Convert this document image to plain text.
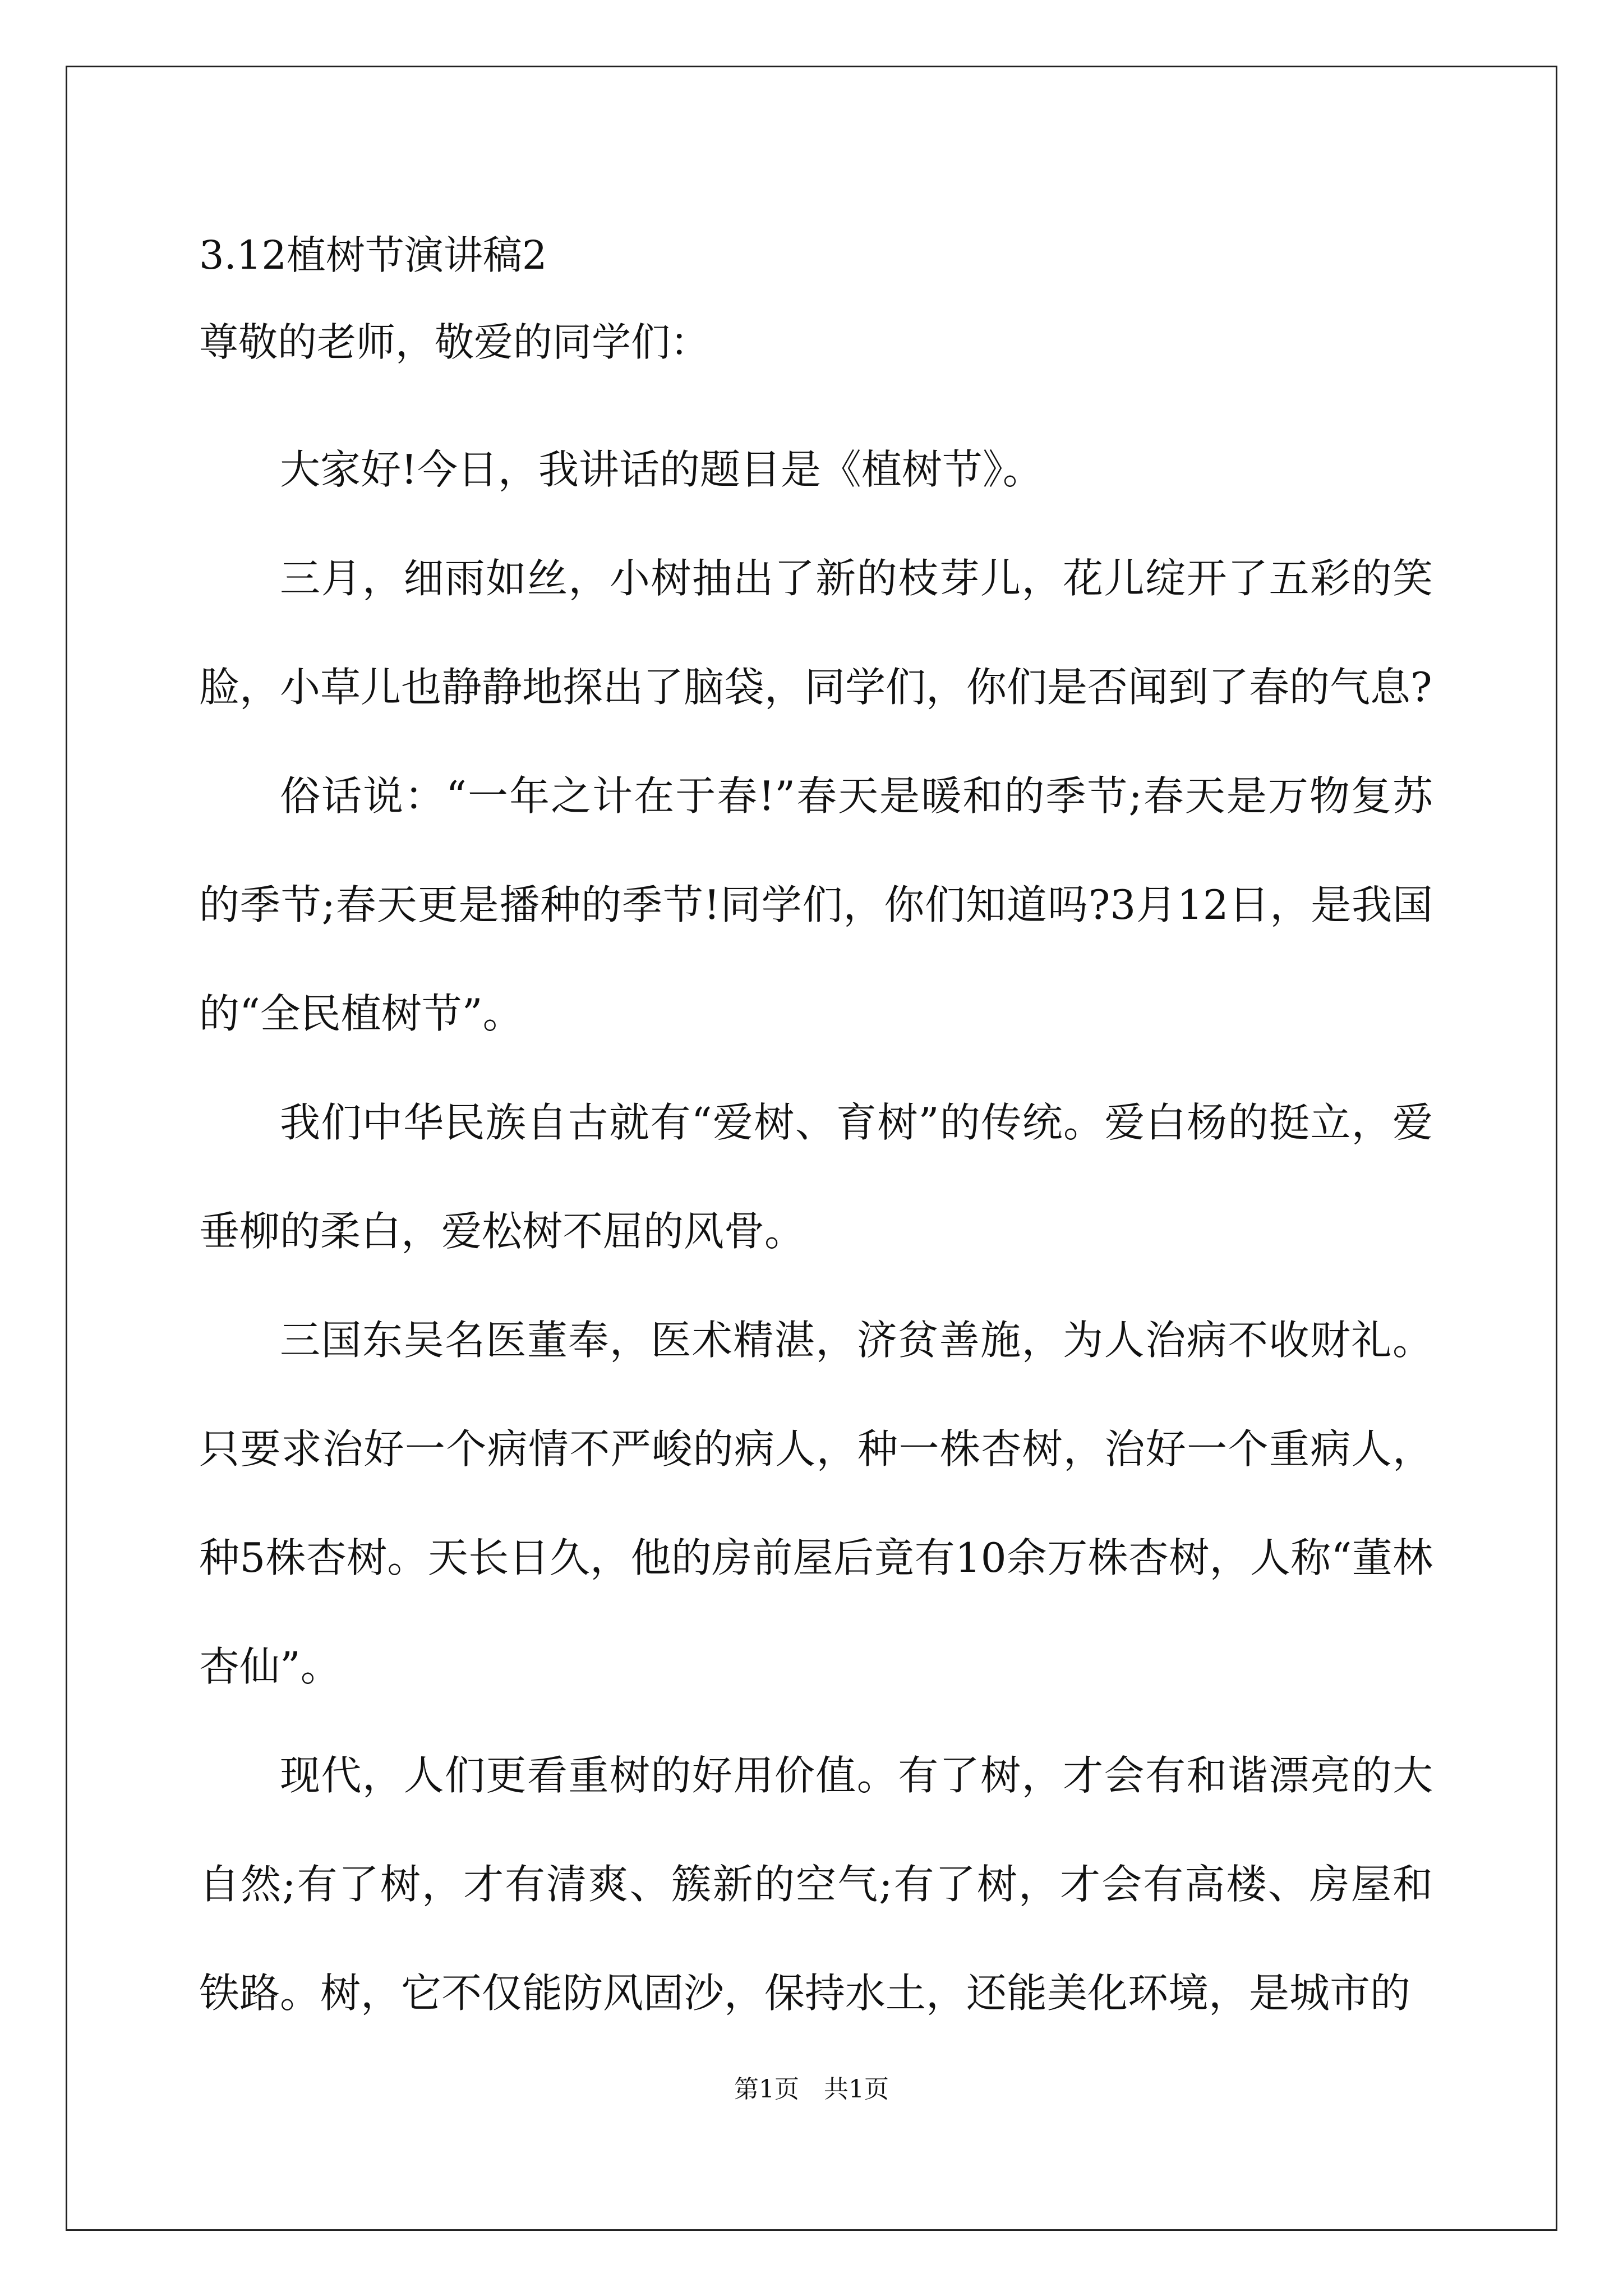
3.12植树节演讲稿2
尊敬的老师，敬爱的同学们：

大家好!今日，我讲话的题目是《植树节》。

三月，细雨如丝，小树抽出了新的枝芽儿，花儿绽开了五彩的笑脸，小草儿也静静地探出了脑袋，同学们，你们是否闻到了春的气息?

俗话说：“一年之计在于春!”春天是暖和的季节;春天是万物复苏的季节;春天更是播种的季节!同学们，你们知道吗?3月12日，是我国的“全民植树节”。

我们中华民族自古就有“爱树、育树”的传统。爱白杨的挺立，爱垂柳的柔白，爱松树不屈的风骨。

三国东吴名医董奉，医术精湛，济贫善施，为人治病不收财礼。只要求治好一个病情不严峻的病人，种一株杏树，治好一个重病人，种5株杏树。天长日久，他的房前屋后竟有10余万株杏树，人称“董林杏仙”。

现代，人们更看重树的好用价值。有了树，才会有和谐漂亮的大自然;有了树，才有清爽、簇新的空气;有了树，才会有高楼、房屋和铁路。树，它不仅能防风固沙，保持水土，还能美化环境，是城市的

第1页　共1页
